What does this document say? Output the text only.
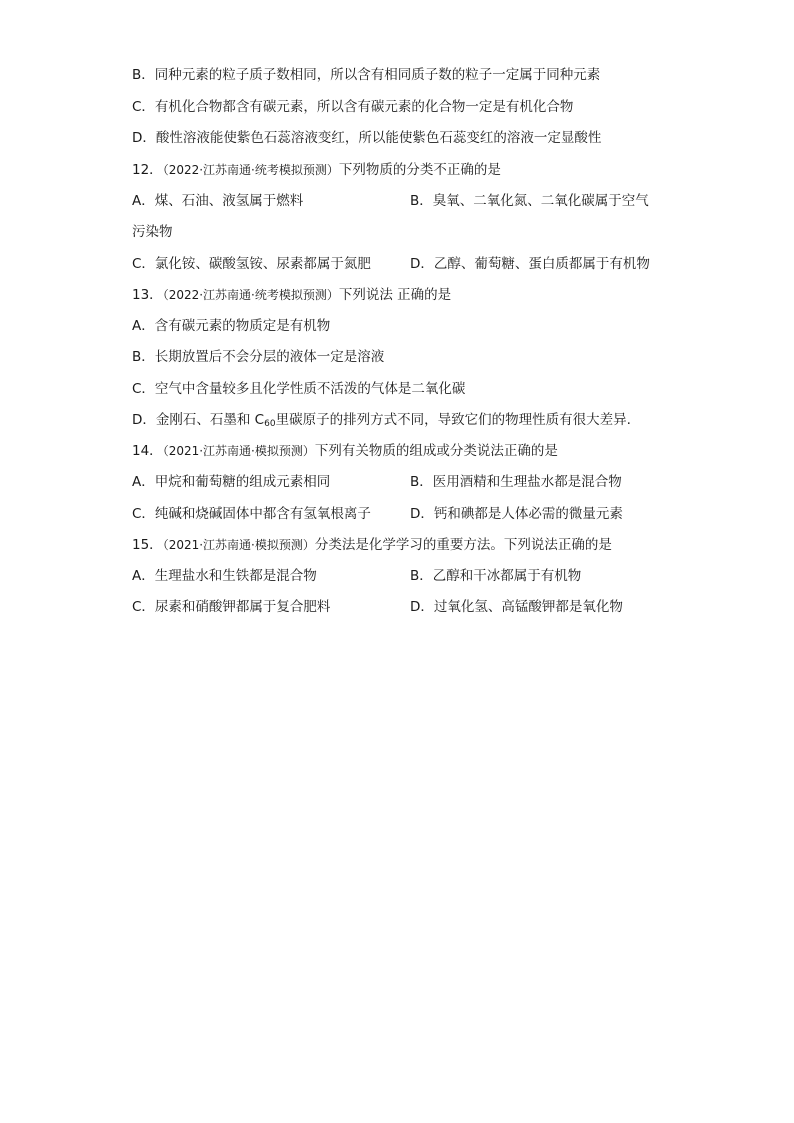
B．同种元素的粒子质子数相同，所以含有相同质子数的粒子一定属于同种元素
C．有机化合物都含有碳元素，所以含有碳元素的化合物一定是有机化合物
D．酸性溶液能使紫色石蕊溶液变红，所以能使紫色石蕊变红的溶液一定显酸性
12．（2022·江苏南通·统考模拟预测）下列物质的分类不正确的是
A．煤、石油、液氢属于燃料	B．臭氧、二氧化氮、二氧化碳属于空气
污染物
C．氯化铵、碳酸氢铵、尿素都属于氮肥	D．乙醇、葡萄糖、蛋白质都属于有机物
13．（2022·江苏南通·统考模拟预测）下列说法 正确的是
A．含有碳元素的物质定是有机物
B．长期放置后不会分层的液体一定是溶液
C．空气中含量较多且化学性质不活泼的气体是二氧化碳
D．金刚石、石墨和 $C_{60}$里碳原子的排列方式不同，导致它们的物理性质有很大差异.
14．（2021·江苏南通·模拟预测）下列有关物质的组成或分类说法正确的是
A．甲烷和葡萄糖的组成元素相同	B．医用酒精和生理盐水都是混合物
C．纯碱和烧碱固体中都含有氢氧根离子	D．钙和碘都是人体必需的微量元素
15．（2021·江苏南通·模拟预测）分类法是化学学习的重要方法。下列说法正确的是
A．生理盐水和生铁都是混合物	B．乙醇和干冰都属于有机物
C．尿素和硝酸钾都属于复合肥料	D．过氧化氢、高锰酸钾都是氧化物
